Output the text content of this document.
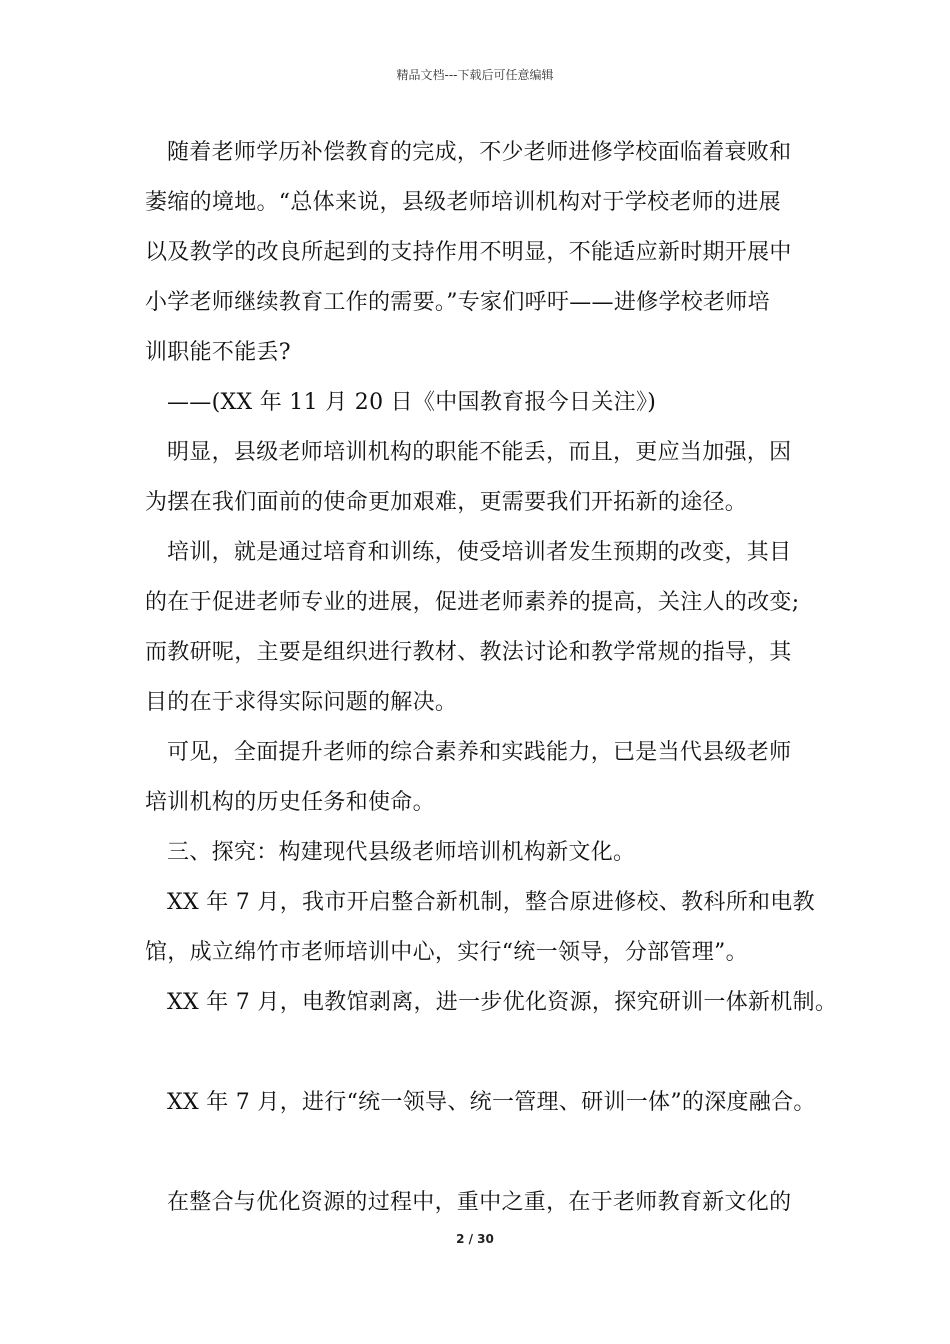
精品文档---下载后可任意编辑
随着老师学历补偿教育的完成，不少老师进修学校面临着衰败和
萎缩的境地。“总体来说，县级老师培训机构对于学校老师的进展
以及教学的改良所起到的支持作用不明显，不能适应新时期开展中
小学老师继续教育工作的需要。”专家们呼吁——进修学校老师培
训职能不能丢?
——(XX 年 11 月 20 日《中国教育报今日关注》)
明显，县级老师培训机构的职能不能丢，而且，更应当加强，因
为摆在我们面前的使命更加艰难，更需要我们开拓新的途径。
培训，就是通过培育和训练，使受培训者发生预期的改变，其目
的在于促进老师专业的进展，促进老师素养的提高，关注人的改变;
而教研呢，主要是组织进行教材、教法讨论和教学常规的指导，其
目的在于求得实际问题的解决。
可见，全面提升老师的综合素养和实践能力，已是当代县级老师
培训机构的历史任务和使命。
三、探究：构建现代县级老师培训机构新文化。
XX 年 7 月，我市开启整合新机制，整合原进修校、教科所和电教
馆，成立绵竹市老师培训中心，实行“统一领导，分部管理”。
XX 年 7 月，电教馆剥离，进一步优化资源，探究研训一体新机制。
XX 年 7 月，进行“统一领导、统一管理、研训一体”的深度融合。
在整合与优化资源的过程中，重中之重，在于老师教育新文化的
2 / 30
